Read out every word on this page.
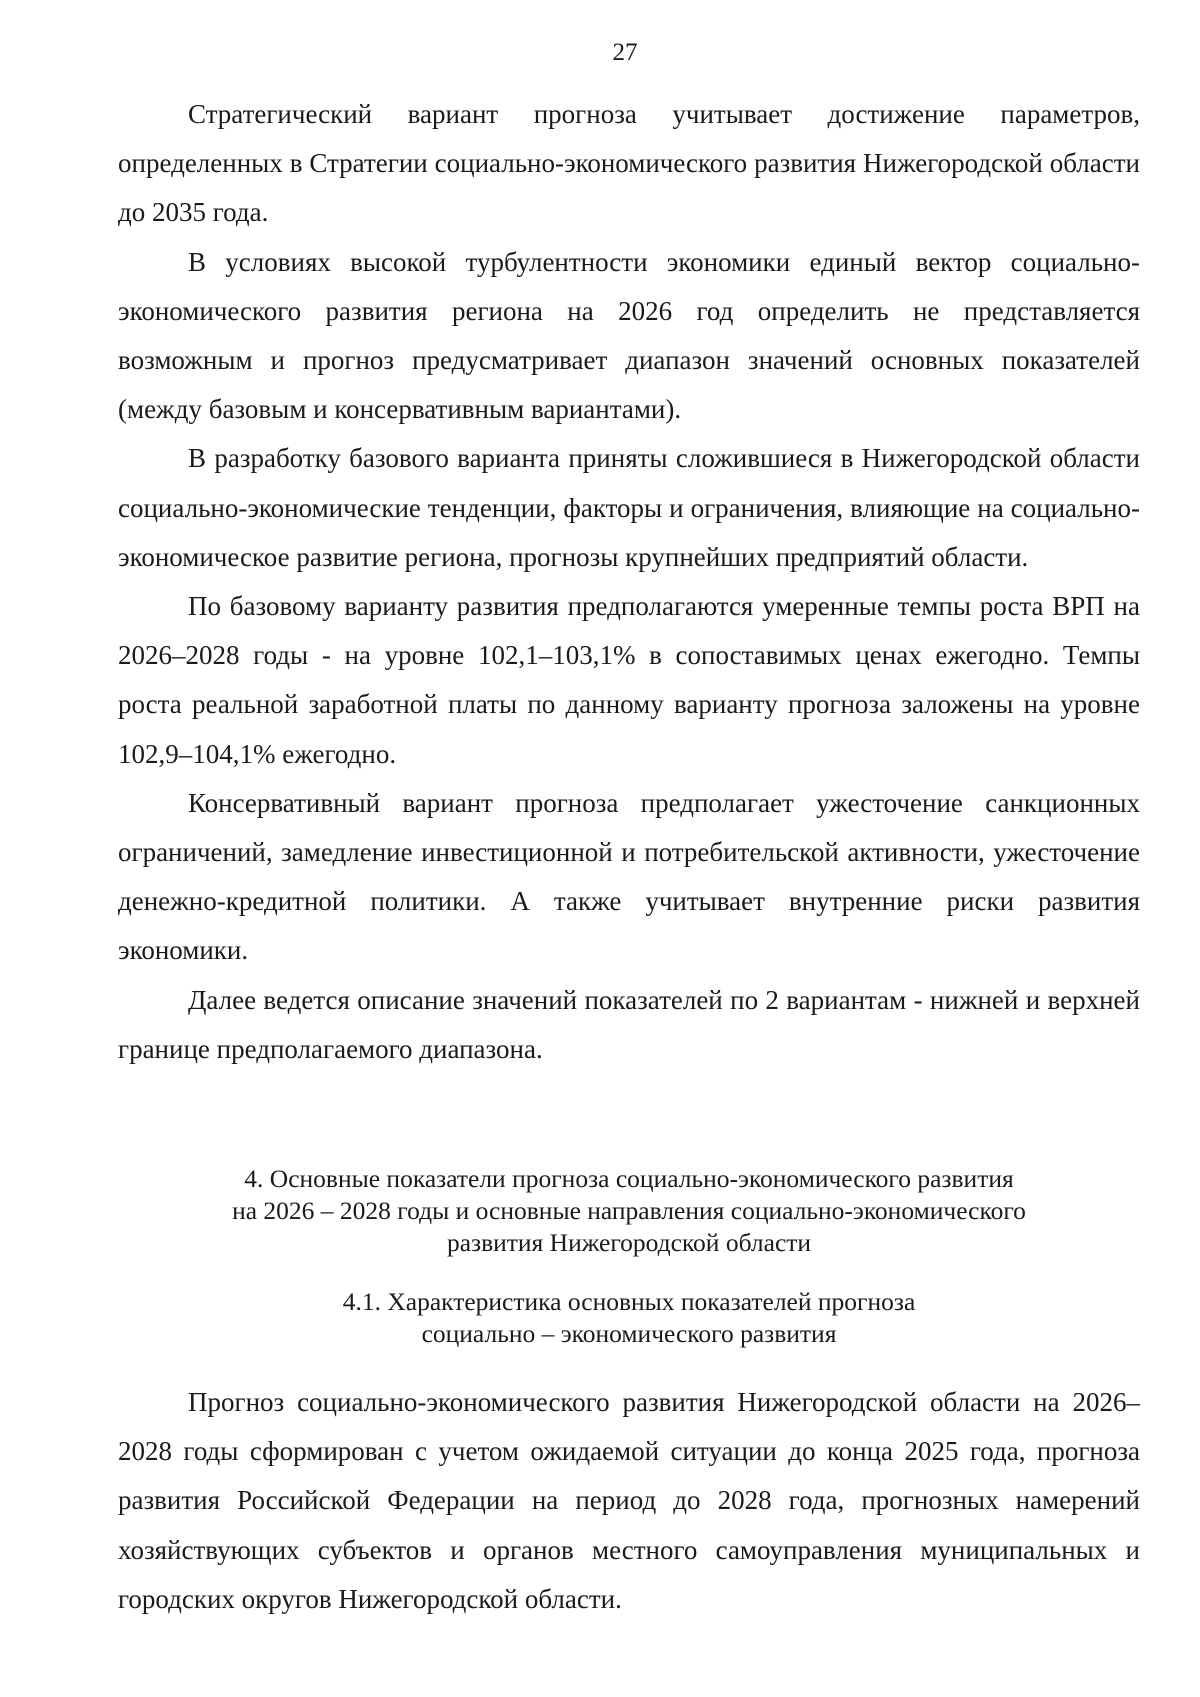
27

Стратегический вариант прогноза учитывает достижение параметров, определенных в Стратегии социально-экономического развития Нижегородской области до 2035 года.

В условиях высокой турбулентности экономики единый вектор социально-экономического развития региона на 2026 год определить не представляется возможным и прогноз предусматривает диапазон значений основных показателей (между базовым и консервативным вариантами).

В разработку базового варианта приняты сложившиеся в Нижегородской области социально-экономические тенденции, факторы и ограничения, влияющие на социально-экономическое развитие региона, прогнозы крупнейших предприятий области.

По базовому варианту развития предполагаются умеренные темпы роста ВРП на 2026–2028 годы - на уровне 102,1–103,1% в сопоставимых ценах ежегодно. Темпы роста реальной заработной платы по данному варианту прогноза заложены на уровне 102,9–104,1% ежегодно.

Консервативный вариант прогноза предполагает ужесточение санкционных ограничений, замедление инвестиционной и потребительской активности, ужесточение денежно-кредитной политики. А также учитывает внутренние риски развития экономики.

Далее ведется описание значений показателей по 2 вариантам - нижней и верхней границе предполагаемого диапазона.

4. Основные показатели прогноза социально-экономического развития
на 2026 – 2028 годы и основные направления социально-экономического
развития Нижегородской области
4.1. Характеристика основных показателей прогноза
социально – экономического развития

Прогноз социально-экономического развития Нижегородской области на 2026–2028 годы сформирован с учетом ожидаемой ситуации до конца 2025 года, прогноза развития Российской Федерации на период до 2028 года, прогнозных намерений хозяйствующих субъектов и органов местного самоуправления муниципальных и городских округов Нижегородской области.
